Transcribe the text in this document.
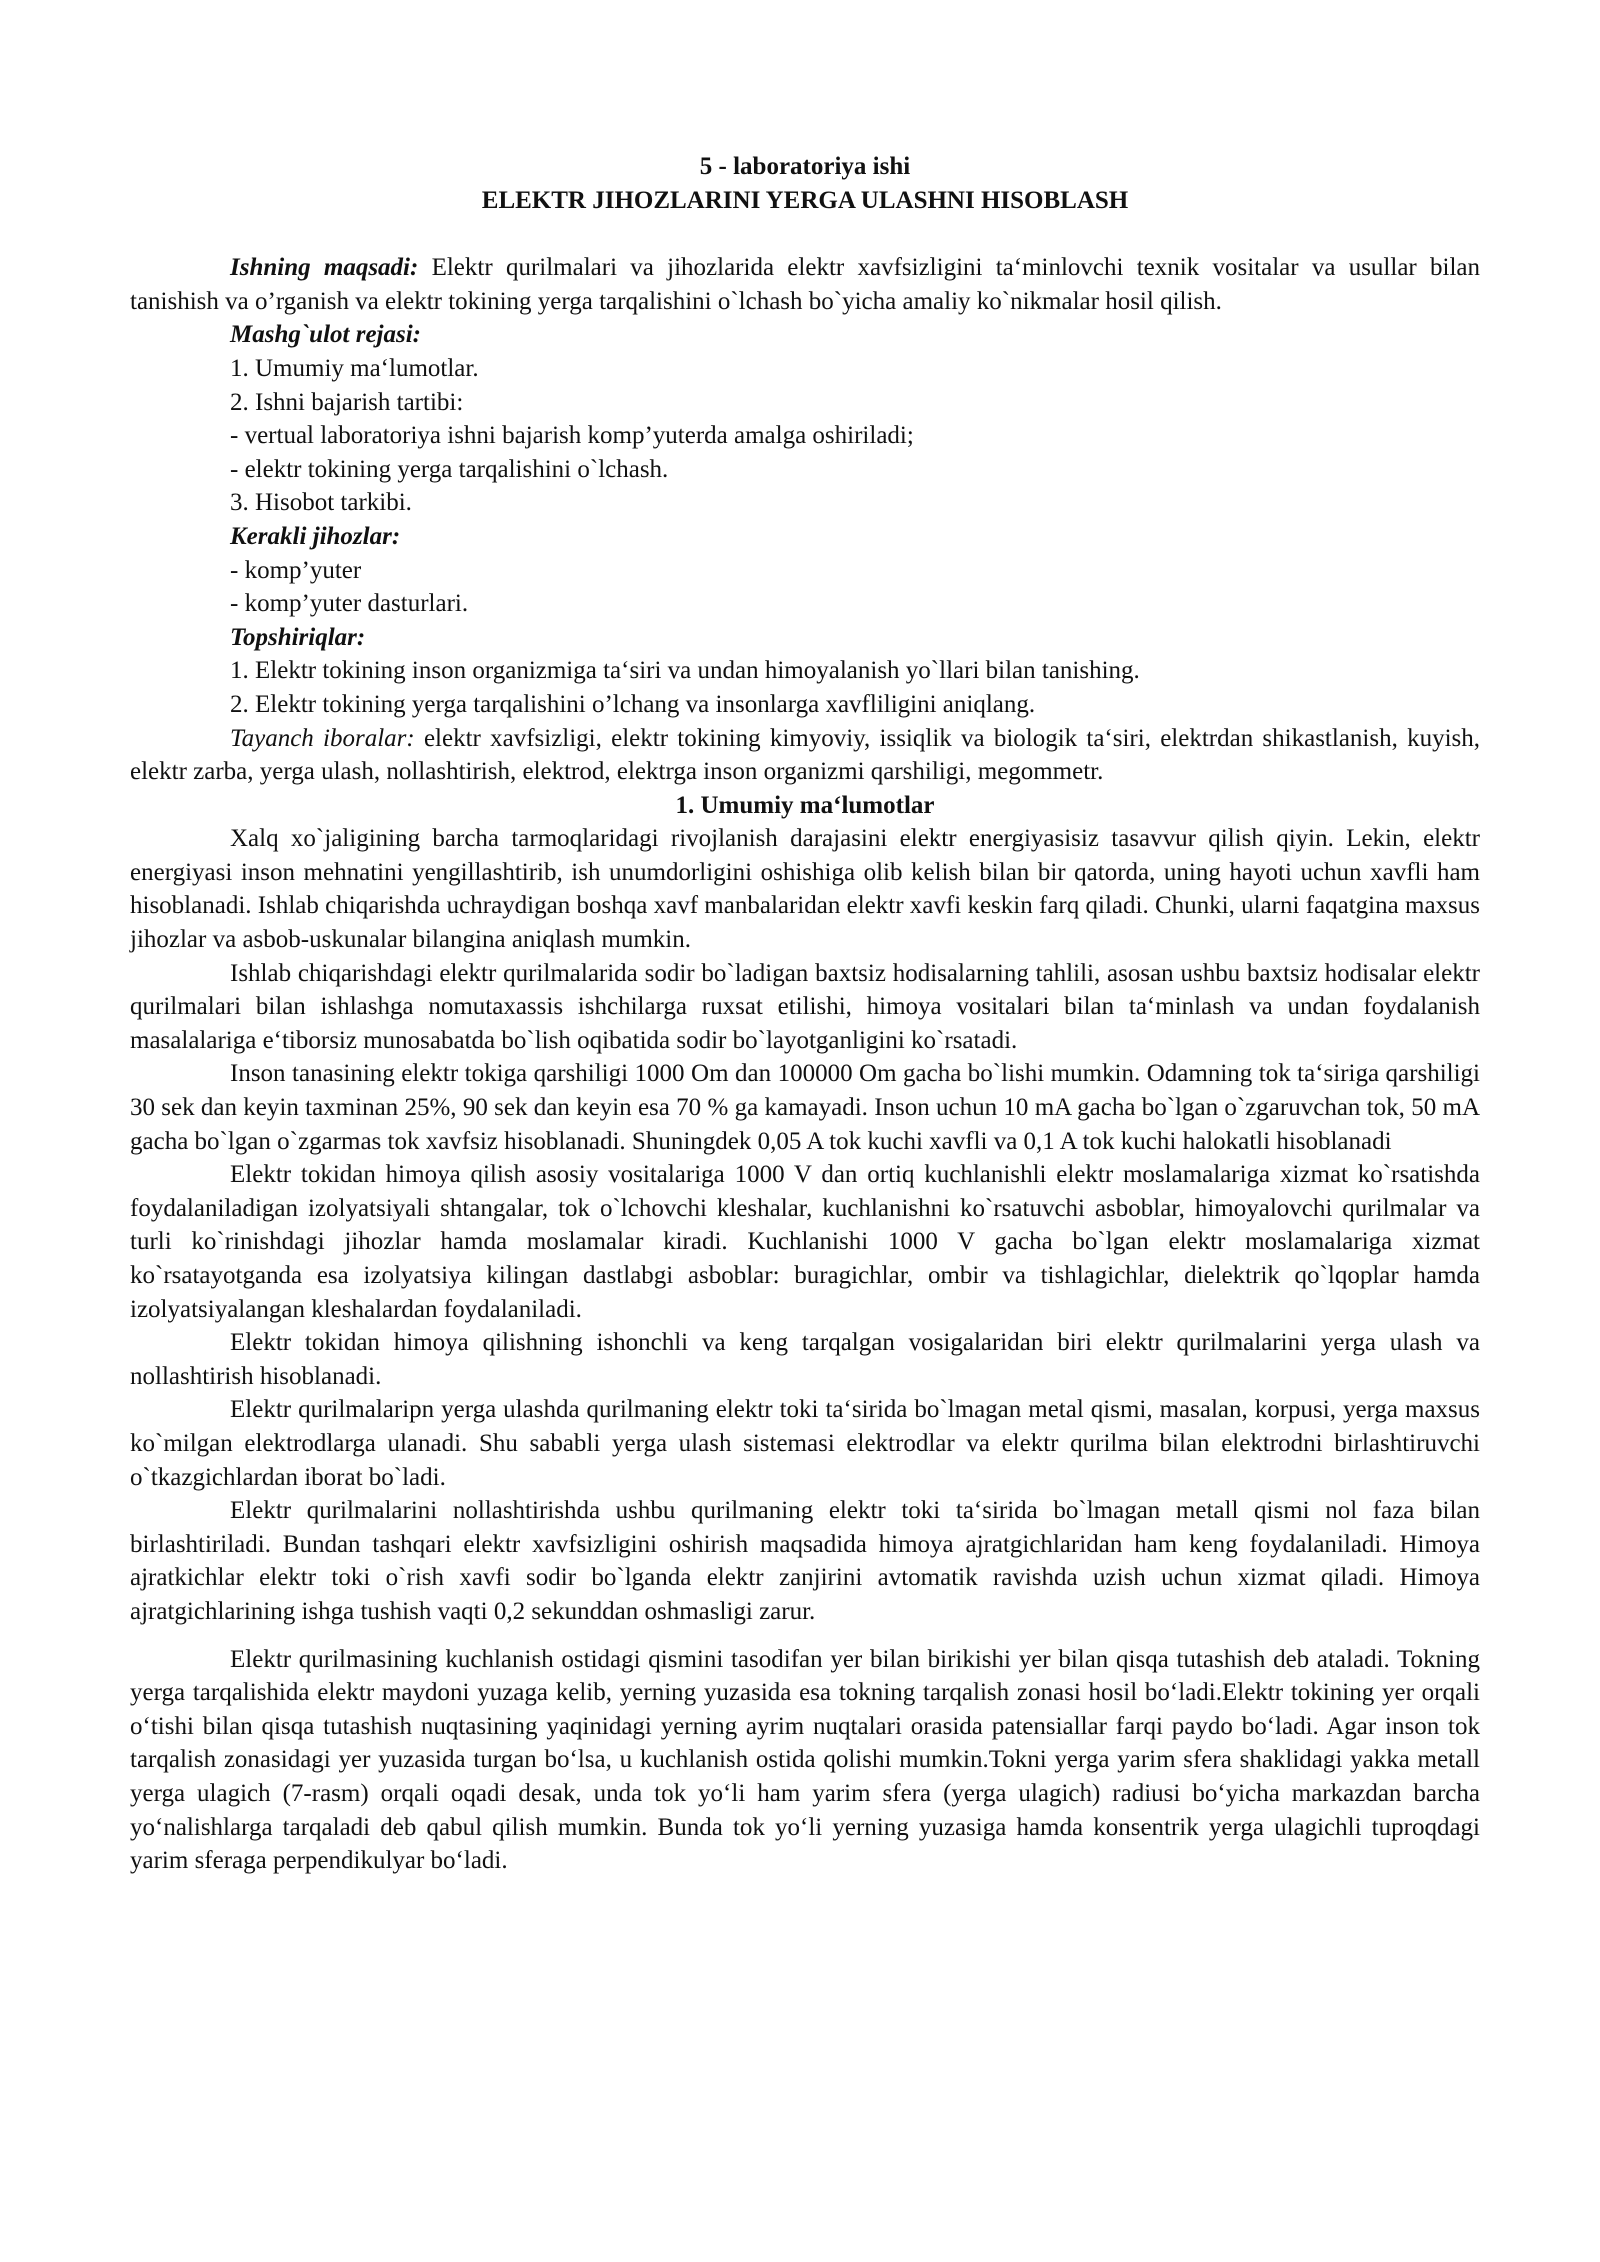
5 - laboratoriya ishi
ELEKTR JIHOZLARINI YERGA ULASHNI HISOBLASH

Ishning maqsadi: Elektr qurilmalari va jihozlarida elektr xavfsizligini ta‘minlovchi texnik vositalar va usullar bilan tanishish va o’rganish va elektr tokining yerga tarqalishini o`lchash bo`yicha amaliy ko`nikmalar hosil qilish.

Mashg`ulot rejasi:
1. Umumiy ma‘lumotlar.
2. Ishni bajarish tartibi:
- vertual laboratoriya ishni bajarish komp’yuterda amalga oshiriladi;
- elektr tokining yerga tarqalishini o`lchash.
3. Hisobot tarkibi.
Kerakli jihozlar:
- komp’yuter
- komp’yuter dasturlari.
Topshiriqlar:
1. Elektr tokining inson organizmiga ta‘siri va undan himoyalanish yo`llari bilan tanishing.
2. Elektr tokining yerga tarqalishini o’lchang va insonlarga xavfliligini aniqlang.

Tayanch iboralar: elektr xavfsizligi, elektr tokining kimyoviy, issiqlik va biologik ta‘siri, elektrdan shikastlanish, kuyish, elektr zarba, yerga ulash, nollashtirish, elektrod, elektrga inson organizmi qarshiligi, megommetr.

1. Umumiy ma‘lumotlar

Xalq xo`jaligining barcha tarmoqlaridagi rivojlanish darajasini elektr energiyasisiz tasavvur qilish qiyin. Lekin, elektr energiyasi inson mehnatini yengillashtirib, ish unumdorligini oshishiga olib kelish bilan bir qatorda, uning hayoti uchun xavfli ham hisoblanadi. Ishlab chiqarishda uchraydigan boshqa xavf manbalaridan elektr xavfi keskin farq qiladi. Chunki, ularni faqatgina maxsus jihozlar va asbob-uskunalar bilangina aniqlash mumkin.

Ishlab chiqarishdagi elektr qurilmalarida sodir bo`ladigan baxtsiz hodisalarning tahlili, asosan ushbu baxtsiz hodisalar elektr qurilmalari bilan ishlashga nomutaxassis ishchilarga ruxsat etilishi, himoya vositalari bilan ta‘minlash va undan foydalanish masalalariga e‘tiborsiz munosabatda bo`lish oqibatida sodir bo`layotganligini ko`rsatadi.

Inson tanasining elektr tokiga qarshiligi 1000 Om dan 100000 Om gacha bo`lishi mumkin. Odamning tok ta‘siriga qarshiligi 30 sek dan keyin taxminan 25%, 90 sek dan keyin esa 70 % ga kamayadi. Inson uchun 10 mA gacha bo`lgan o`zgaruvchan tok, 50 mA gacha bo`lgan o`zgarmas tok xavfsiz hisoblanadi. Shuningdek 0,05 A tok kuchi xavfli va 0,1 A tok kuchi halokatli hisoblanadi

Elektr tokidan himoya qilish asosiy vositalariga 1000 V dan ortiq kuchlanishli elektr moslamalariga xizmat ko`rsatishda foydalaniladigan izolyatsiyali shtangalar, tok o`lchovchi kleshalar, kuchlanishni ko`rsatuvchi asboblar, himoyalovchi qurilmalar va turli ko`rinishdagi jihozlar hamda moslamalar kiradi. Kuchlanishi 1000 V gacha bo`lgan elektr moslamalariga xizmat ko`rsatayotganda esa izolyatsiya kilingan dastlabgi asboblar: buragichlar, ombir va tishlagichlar, dielektrik qo`lqoplar hamda izolyatsiyalangan kleshalardan foydalaniladi.

Elektr tokidan himoya qilishning ishonchli va keng tarqalgan vosigalaridan biri elektr qurilmalarini yerga ulash va nollashtirish hisoblanadi.

Elektr qurilmalaripn yerga ulashda qurilmaning elektr toki ta‘sirida bo`lmagan metal qismi, masalan, korpusi, yerga maxsus ko`milgan elektrodlarga ulanadi. Shu sababli yerga ulash sistemasi elektrodlar va elektr qurilma bilan elektrodni birlashtiruvchi o`tkazgichlardan iborat bo`ladi.

Elektr qurilmalarini nollashtirishda ushbu qurilmaning elektr toki ta‘sirida bo`lmagan metall qismi nol faza bilan birlashtiriladi. Bundan tashqari elektr xavfsizligini oshirish maqsadida himoya ajratgichlaridan ham keng foydalaniladi. Himoya ajratkichlar elektr toki o`rish xavfi sodir bo`lganda elektr zanjirini avtomatik ravishda uzish uchun xizmat qiladi. Himoya ajratgichlarining ishga tushish vaqti 0,2 sekunddan oshmasligi zarur.

Elektr qurilmasining kuchlanish ostidagi qismini tasodifan yer bilan birikishi yer bilan qisqa tutashish deb ataladi. Tokning yerga tarqalishida elektr maydoni yuzaga kelib, yerning yuzasida esa tokning tarqalish zonasi hosil bo‘ladi.Elektr tokining yer orqali o‘tishi bilan qisqa tutashish nuqtasining yaqinidagi yerning ayrim nuqtalari orasida patensiallar farqi paydo bo‘ladi. Agar inson tok tarqalish zonasidagi yer yuzasida turgan bo‘lsa, u kuchlanish ostida qolishi mumkin.Tokni yerga yarim sfera shaklidagi yakka metall yerga ulagich (7-rasm) orqali oqadi desak, unda tok yo‘li ham yarim sfera (yerga ulagich) radiusi bo‘yicha markazdan barcha yo‘nalishlarga tarqaladi deb qabul qilish mumkin. Bunda tok yo‘li yerning yuzasiga hamda konsentrik yerga ulagichli tuproqdagi yarim sferaga perpendikulyar bo‘ladi.
